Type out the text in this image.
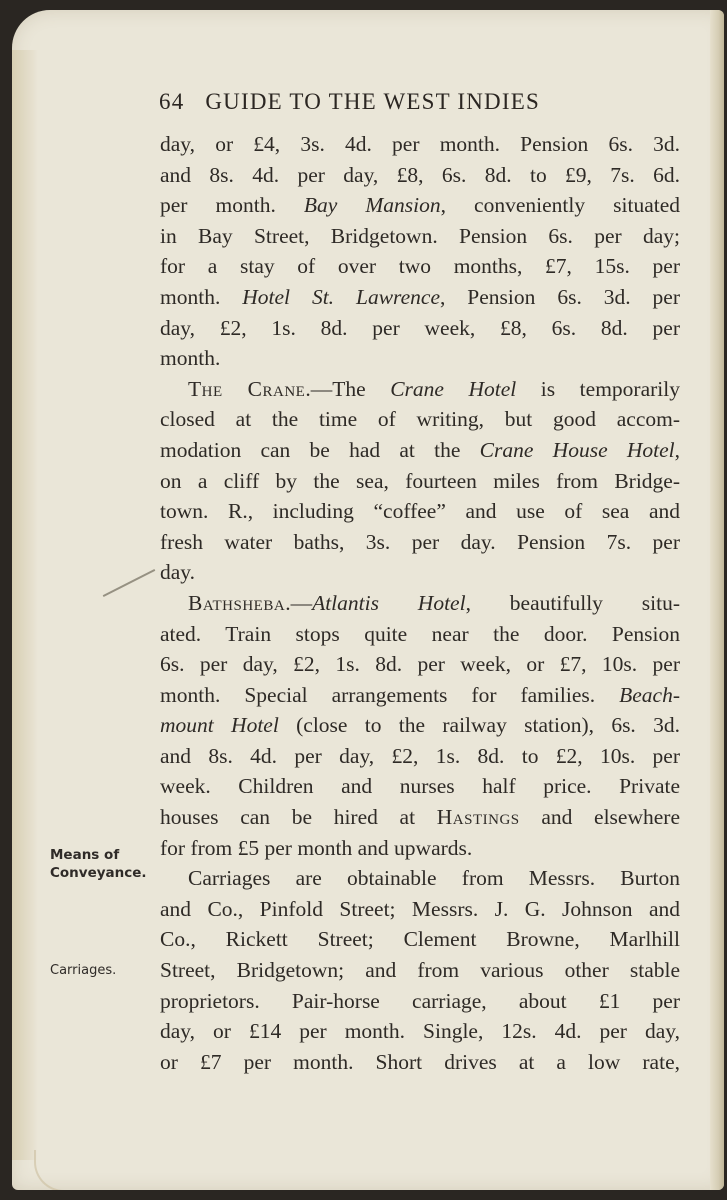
64 GUIDE TO THE WEST INDIES
Means of
Conveyance.
Carriages.
day, or £4, 3s. 4d. per month. Pension 6s. 3d.
and 8s. 4d. per day, £8, 6s. 8d. to £9, 7s. 6d.
per month. Bay Mansion, conveniently situated
in Bay Street, Bridgetown. Pension 6s. per day;
for a stay of over two months, £7, 15s. per
month. Hotel St. Lawrence, Pension 6s. 3d. per
day, £2, 1s. 8d. per week, £8, 6s. 8d. per
month.
The Crane.—The Crane Hotel is temporarily
closed at the time of writing, but good accom-
modation can be had at the Crane House Hotel,
on a cliff by the sea, fourteen miles from Bridge-
town. R., including “coffee” and use of sea and
fresh water baths, 3s. per day. Pension 7s. per
day.
Bathsheba.—Atlantis Hotel, beautifully situ-
ated. Train stops quite near the door. Pension
6s. per day, £2, 1s. 8d. per week, or £7, 10s. per
month. Special arrangements for families. Beach-
mount Hotel (close to the railway station), 6s. 3d.
and 8s. 4d. per day, £2, 1s. 8d. to £2, 10s. per
week. Children and nurses half price. Private
houses can be hired at Hastings and elsewhere
for from £5 per month and upwards.
Carriages are obtainable from Messrs. Burton
and Co., Pinfold Street; Messrs. J. G. Johnson and
Co., Rickett Street; Clement Browne, Marlhill
Street, Bridgetown; and from various other stable
proprietors. Pair-horse carriage, about £1 per
day, or £14 per month. Single, 12s. 4d. per day,
or £7 per month. Short drives at a low rate,
